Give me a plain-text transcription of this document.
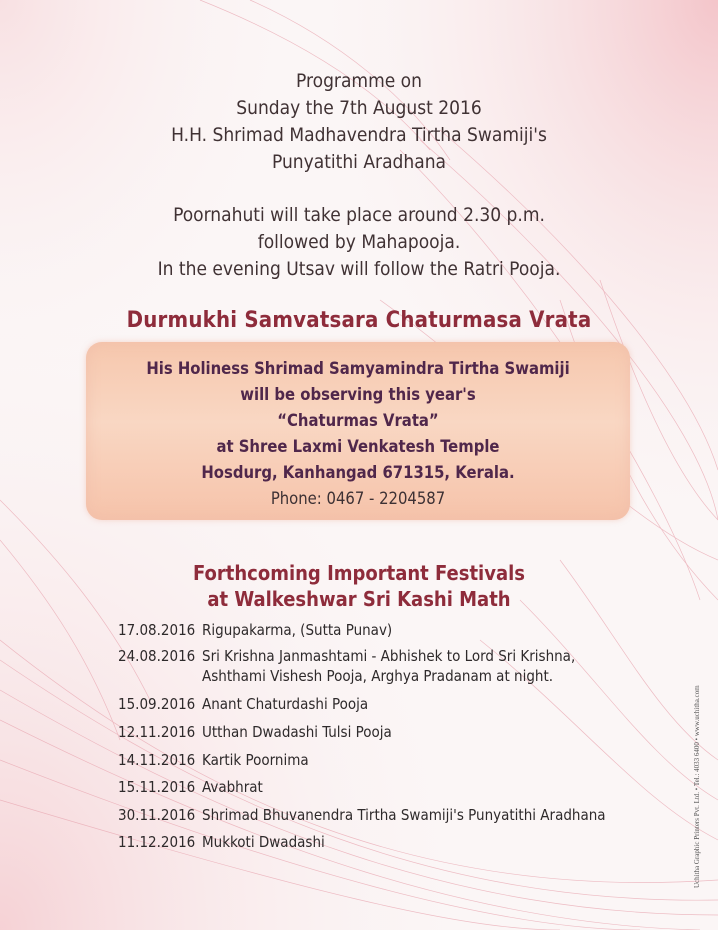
Programme on
Sunday the 7th August 2016
H.H. Shrimad Madhavendra Tirtha Swamiji's
Punyatithi Aradhana
Poornahuti will take place around 2.30 p.m.
followed by Mahapooja.
In the evening Utsav will follow the Ratri Pooja.
Durmukhi Samvatsara Chaturmasa Vrata
His Holiness Shrimad Samyamindra Tirtha Swamiji
will be observing this year's
“Chaturmas Vrata”
at Shree Laxmi Venkatesh Temple
Hosdurg, Kanhangad 671315, Kerala.
Phone: 0467 - 2204587
Forthcoming Important Festivals
at Walkeshwar Sri Kashi Math
17.08.2016 Rigupakarma, (Sutta Punav)
24.08.2016 Sri Krishna Janmashtami - Abhishek to Lord Sri Krishna, Ashthami Vishesh Pooja, Arghya Pradanam at night.
15.09.2016 Anant Chaturdashi Pooja
12.11.2016 Utthan Dwadashi Tulsi Pooja
14.11.2016 Kartik Poornima
15.11.2016 Avabhrat
30.11.2016 Shrimad Bhuvanendra Tirtha Swamiji's Punyatithi Aradhana
11.12.2016 Mukkoti Dwadashi	Uchitha Graphic Printers Pvt. Ltd. • Tel.: 4033 6400 • www.uchitha.com
